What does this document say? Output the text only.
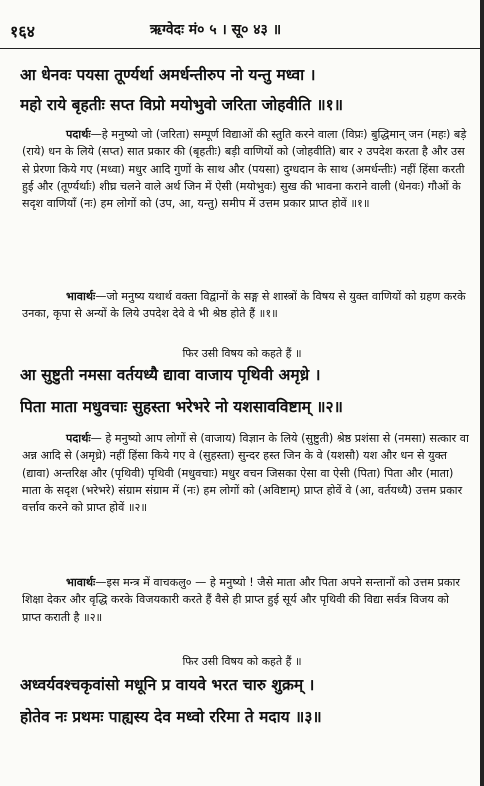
१६४	ऋग्वेदः मं० ५ । सू० ४३ ॥
आ धेनवः पयसा तूर्ण्यर्था अमर्धन्तीरुप नो यन्तु मध्वा ।
महो राये बृहतीः सप्त विप्रो मयोभुवो जरिता जोहवीति ॥१॥
पदार्थः—हे मनुष्यो जो (जरिता) सम्पूर्ण विद्याओं की स्तुति करने वाला (विप्रः) बुद्धिमान् जन (महः) बड़े (राये) धन के लिये (सप्त) सात प्रकार की (बृहतीः) बड़ी वाणियों को (जोहवीति) बार २ उपदेश करता है और उस से प्रेरणा किये गए (मध्वा) मधुर आदि गुणों के साथ और (पयसा) दुग्धदान के साथ (अमर्धन्तीः) नहीं हिंसा करती हुई और (तूर्ण्यर्थाः) शीघ्र चलने वाले अर्थ जिन में ऐसी (मयोभुवः) सुख की भावना कराने वाली (धेनवः) गौओं के सदृश वाणियाँ (नः) हम लोगों को (उप, आ, यन्तु) समीप में उत्तम प्रकार प्राप्त होवें ॥१॥
भावार्थः—जो मनुष्य यथार्थ वक्ता विद्वानों के सङ्ग से शास्त्रों के विषय से युक्त वाणियों को ग्रहण करके उनका, कृपा से अन्यों के लिये उपदेश देवे वे भी श्रेष्ठ होते हैं ॥१॥
फिर उसी विषय को कहते हैं ॥
आ सुष्टुती नमसा वर्तयध्यै द्यावा वाजाय पृथिवी अमृध्रे ।
पिता माता मधुवचाः सुहस्ता भरेभरे नो यशसावविष्टाम् ॥२॥
पदार्थः— हे मनुष्यो आप लोगों से (वाजाय) विज्ञान के लिये (सुष्टुती) श्रेष्ठ प्रशंसा से (नमसा) सत्कार वा अन्न आदि से (अमृध्रे) नहीं हिंसा किये गए वे (सुहस्ता) सुन्दर हस्त जिन के वे (यशसौ) यश और धन से युक्त (द्यावा) अन्तरिक्ष और (पृथिवी) पृथिवी (मधुवचाः) मधुर वचन जिसका ऐसा वा ऐसी (पिता) पिता और (माता) माता के सदृश (भरेभरे) संग्राम संग्राम में (नः) हम लोगों को (अविष्टाम्) प्राप्त होवें वे (आ, वर्तयध्यै) उत्तम प्रकार वर्त्ताव करने को प्राप्त होवें ॥२॥
भावार्थः—इस मन्त्र में वाचकलु० — हे मनुष्यो ! जैसे माता और पिता अपने सन्तानों को उत्तम प्रकार शिक्षा देकर और वृद्धि करके विजयकारी करते हैं वैसे ही प्राप्त हुई सूर्य और पृथिवी की विद्या सर्वत्र विजय को प्राप्त कराती है ॥२॥
फिर उसी विषय को कहते हैं ॥
अध्वर्यवश्चकृवांसो मधूनि प्र वायवे भरत चारु शुक्रम् ।
होतेव नः प्रथमः पाह्यस्य देव मध्वो ररिमा ते मदाय ॥३॥
